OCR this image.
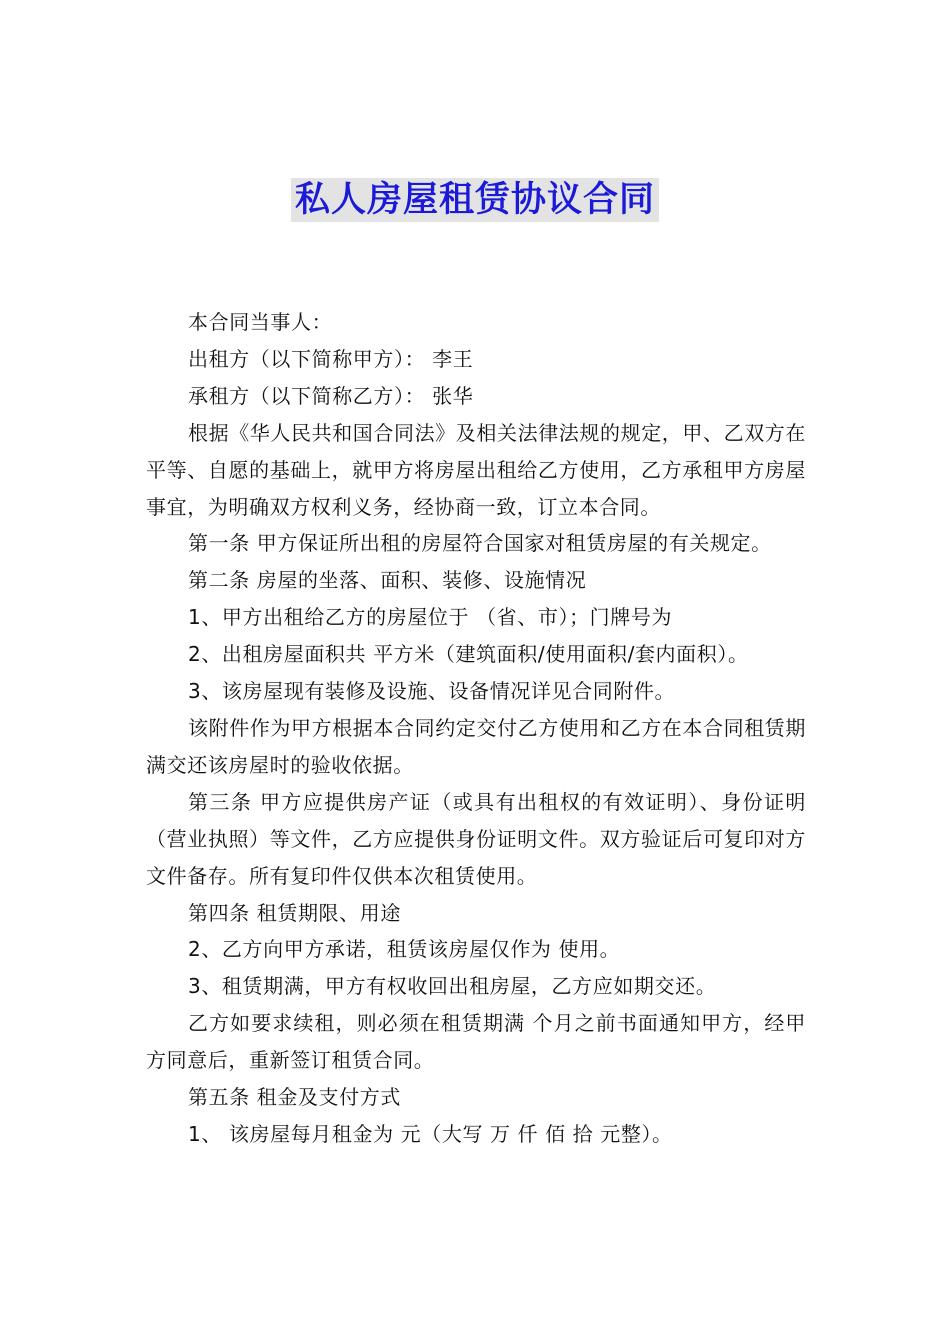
私人房屋租赁协议合同

本合同当事人：

出租方（以下简称甲方）： 李王

承租方（以下简称乙方）： 张华

根据《华人民共和国合同法》及相关法律法规的规定，甲、乙双方在平等、自愿的基础上，就甲方将房屋出租给乙方使用，乙方承租甲方房屋事宜，为明确双方权利义务，经协商一致，订立本合同。

第一条 甲方保证所出租的房屋符合国家对租赁房屋的有关规定。

第二条 房屋的坐落、面积、装修、设施情况

1、甲方出租给乙方的房屋位于 （省、市）；门牌号为

2、出租房屋面积共 平方米（建筑面积/使用面积/套内面积）。

3、该房屋现有装修及设施、设备情况详见合同附件。

该附件作为甲方根据本合同约定交付乙方使用和乙方在本合同租赁期满交还该房屋时的验收依据。

第三条 甲方应提供房产证（或具有出租权的有效证明）、身份证明（营业执照）等文件，乙方应提供身份证明文件。双方验证后可复印对方文件备存。所有复印件仅供本次租赁使用。

第四条 租赁期限、用途

2、乙方向甲方承诺，租赁该房屋仅作为 使用。

3、租赁期满，甲方有权收回出租房屋，乙方应如期交还。

乙方如要求续租，则必须在租赁期满 个月之前书面通知甲方，经甲方同意后，重新签订租赁合同。

第五条 租金及支付方式

1、 该房屋每月租金为 元（大写 万 仟 佰 拾 元整）。
